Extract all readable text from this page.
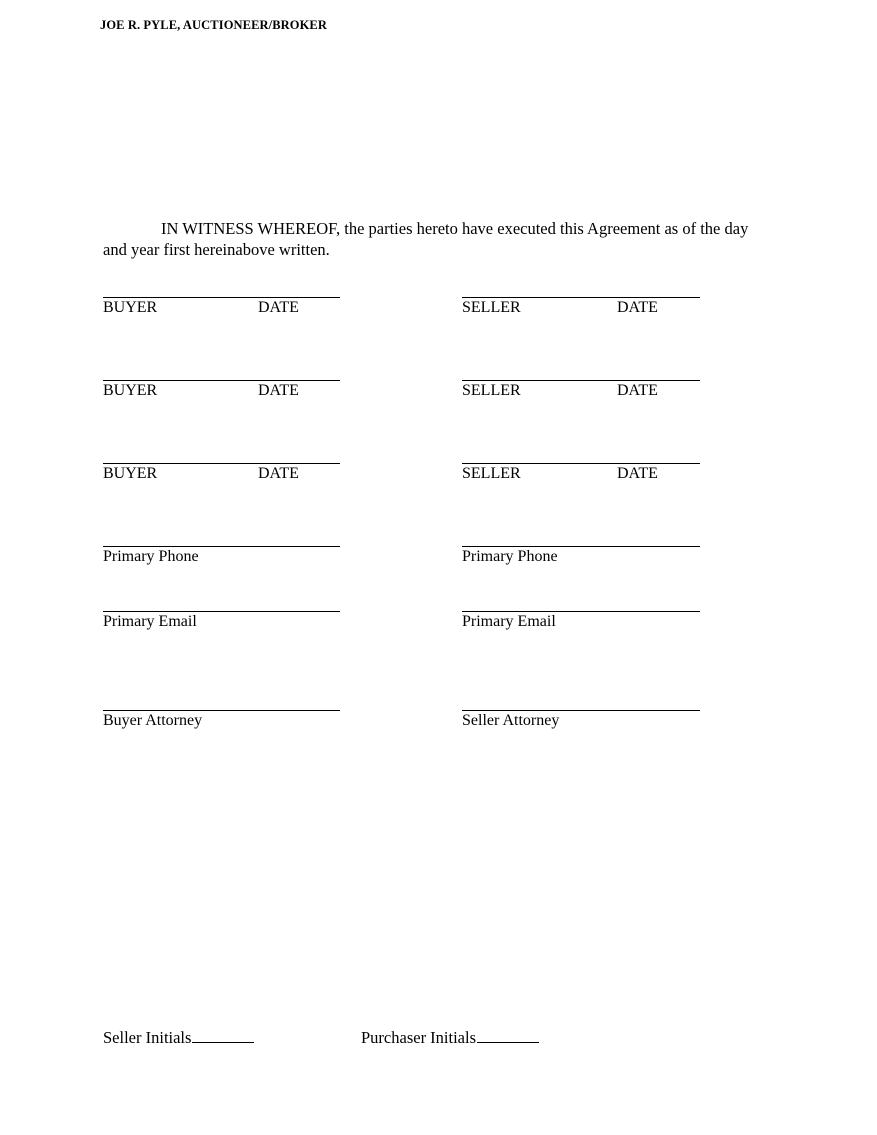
JOE R. PYLE, AUCTIONEER/BROKER
IN WITNESS WHEREOF, the parties hereto have executed this Agreement as of the day and year first hereinabove written.
BUYER	DATE	SELLER	DATE
BUYER	DATE	SELLER	DATE
BUYER	DATE	SELLER	DATE
Primary Phone	Primary Phone
Primary Email	Primary Email
Buyer Attorney	Seller Attorney
Seller Initials	Purchaser Initials
